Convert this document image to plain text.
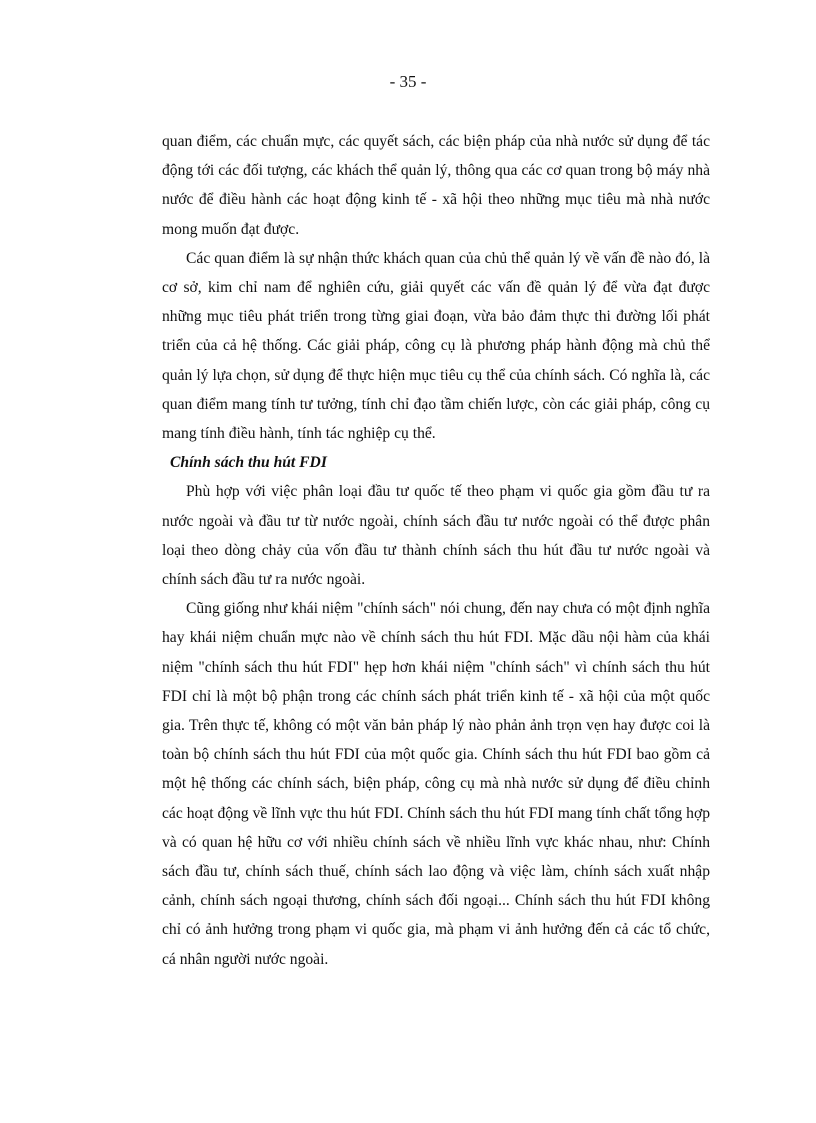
- 35 -

quan điểm, các chuẩn mực, các quyết sách, các biện pháp của nhà nước sử dụng để tác động tới các đối tượng, các khách thể quản lý, thông qua các cơ quan trong bộ máy nhà nước để điều hành các hoạt động kinh tế - xã hội theo những mục tiêu mà nhà nước mong muốn đạt được.

Các quan điểm là sự nhận thức khách quan của chủ thể quản lý về vấn đề nào đó, là cơ sở, kim chỉ nam để nghiên cứu, giải quyết các vấn đề quản lý để vừa đạt được những mục tiêu phát triển trong từng giai đoạn, vừa bảo đảm thực thi đường lối phát triển của cả hệ thống. Các giải pháp, công cụ là phương pháp hành động mà chủ thể quản lý lựa chọn, sử dụng để thực hiện mục tiêu cụ thể của chính sách. Có nghĩa là, các quan điểm mang tính tư tưởng, tính chỉ đạo tầm chiến lược, còn các giải pháp, công cụ mang tính điều hành, tính tác nghiệp cụ thể.

Chính sách thu hút FDI

Phù hợp với việc phân loại đầu tư quốc tế theo phạm vi quốc gia gồm đầu tư ra nước ngoài và đầu tư từ nước ngoài, chính sách đầu tư nước ngoài có thể được phân loại theo dòng chảy của vốn đầu tư thành chính sách thu hút đầu tư nước ngoài và chính sách đầu tư ra nước ngoài.

Cũng giống như khái niệm "chính sách" nói chung, đến nay chưa có một định nghĩa hay khái niệm chuẩn mực nào về chính sách thu hút FDI. Mặc dầu nội hàm của khái niệm "chính sách thu hút FDI" hẹp hơn khái niệm "chính sách" vì chính sách thu hút FDI chỉ là một bộ phận trong các chính sách phát triển kinh tế - xã hội của một quốc gia. Trên thực tế, không có một văn bản pháp lý nào phản ảnh trọn vẹn hay được coi là toàn bộ chính sách thu hút FDI của một quốc gia. Chính sách thu hút FDI bao gồm cả một hệ thống các chính sách, biện pháp, công cụ mà nhà nước sử dụng để điều chỉnh các hoạt động về lĩnh vực thu hút FDI. Chính sách thu hút FDI mang tính chất tổng hợp và có quan hệ hữu cơ với nhiều chính sách về nhiều lĩnh vực khác nhau, như: Chính sách đầu tư, chính sách thuế, chính sách lao động và việc làm, chính sách xuất nhập cảnh, chính sách ngoại thương, chính sách đối ngoại... Chính sách thu hút FDI không chỉ có ảnh hưởng trong phạm vi quốc gia, mà phạm vi ảnh hưởng đến cả các tổ chức, cá nhân người nước ngoài.
